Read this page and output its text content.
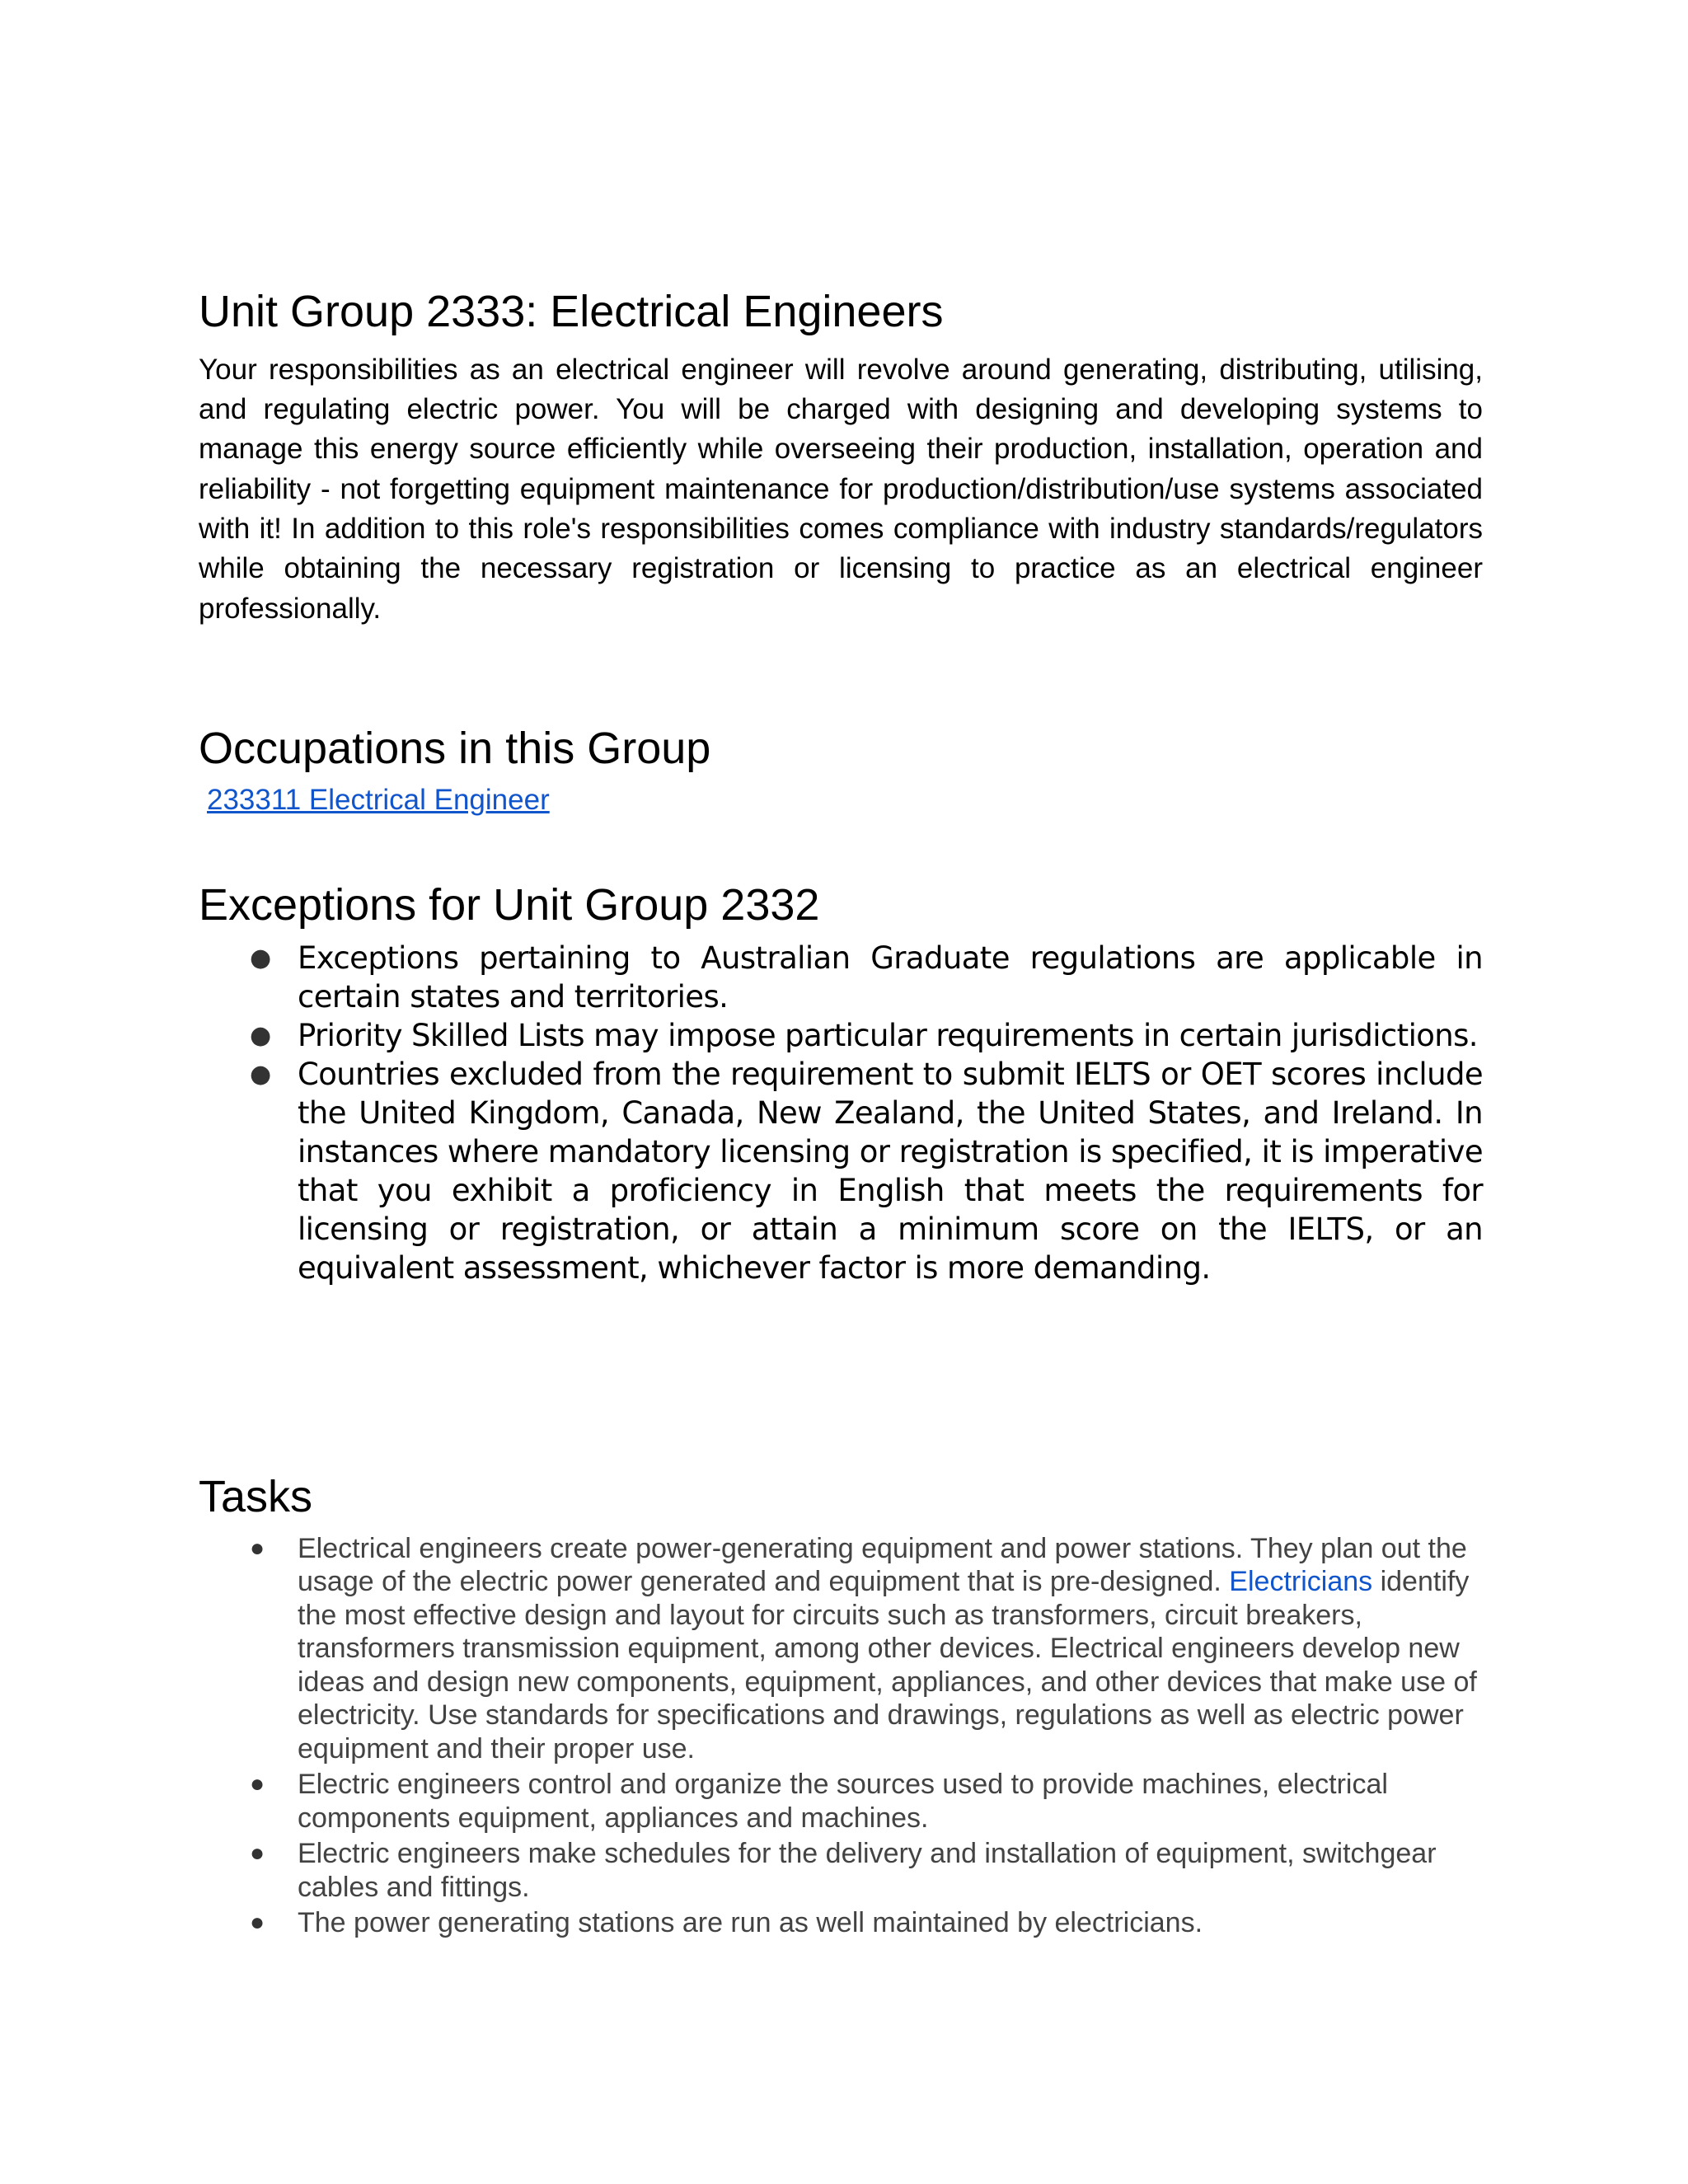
Unit Group 2333: Electrical Engineers

Your responsibilities as an electrical engineer will revolve around generating, distributing, utilising, and regulating electric power. You will be charged with designing and developing systems to manage this energy source efficiently while overseeing their production, installation, operation and reliability - not forgetting equipment maintenance for production/distribution/use systems associated with it! In addition to this role's responsibilities comes compliance with industry standards/regulators while obtaining the necessary registration or licensing to practice as an electrical engineer professionally.

Occupations in this Group
233311 Electrical Engineer
Exceptions for Unit Group 2332
● Exceptions pertaining to Australian Graduate regulations are applicable in certain states and territories.
● Priority Skilled Lists may impose particular requirements in certain jurisdictions.
● Countries excluded from the requirement to submit IELTS or OET scores include the United Kingdom, Canada, New Zealand, the United States, and Ireland. In instances where mandatory licensing or registration is specified, it is imperative that you exhibit a proficiency in English that meets the requirements for licensing or registration, or attain a minimum score on the IELTS, or an equivalent assessment, whichever factor is more demanding.
Tasks
● Electrical engineers create power-generating equipment and power stations. They plan out the usage of the electric power generated and equipment that is pre-designed. Electricians identify the most effective design and layout for circuits such as transformers, circuit breakers, transformers transmission equipment, among other devices. Electrical engineers develop new ideas and design new components, equipment, appliances, and other devices that make use of electricity. Use standards for specifications and drawings, regulations as well as electric power equipment and their proper use.
● Electric engineers control and organize the sources used to provide machines, electrical components equipment, appliances and machines.
● Electric engineers make schedules for the delivery and installation of equipment, switchgear cables and fittings.
● The power generating stations are run as well maintained by electricians.
